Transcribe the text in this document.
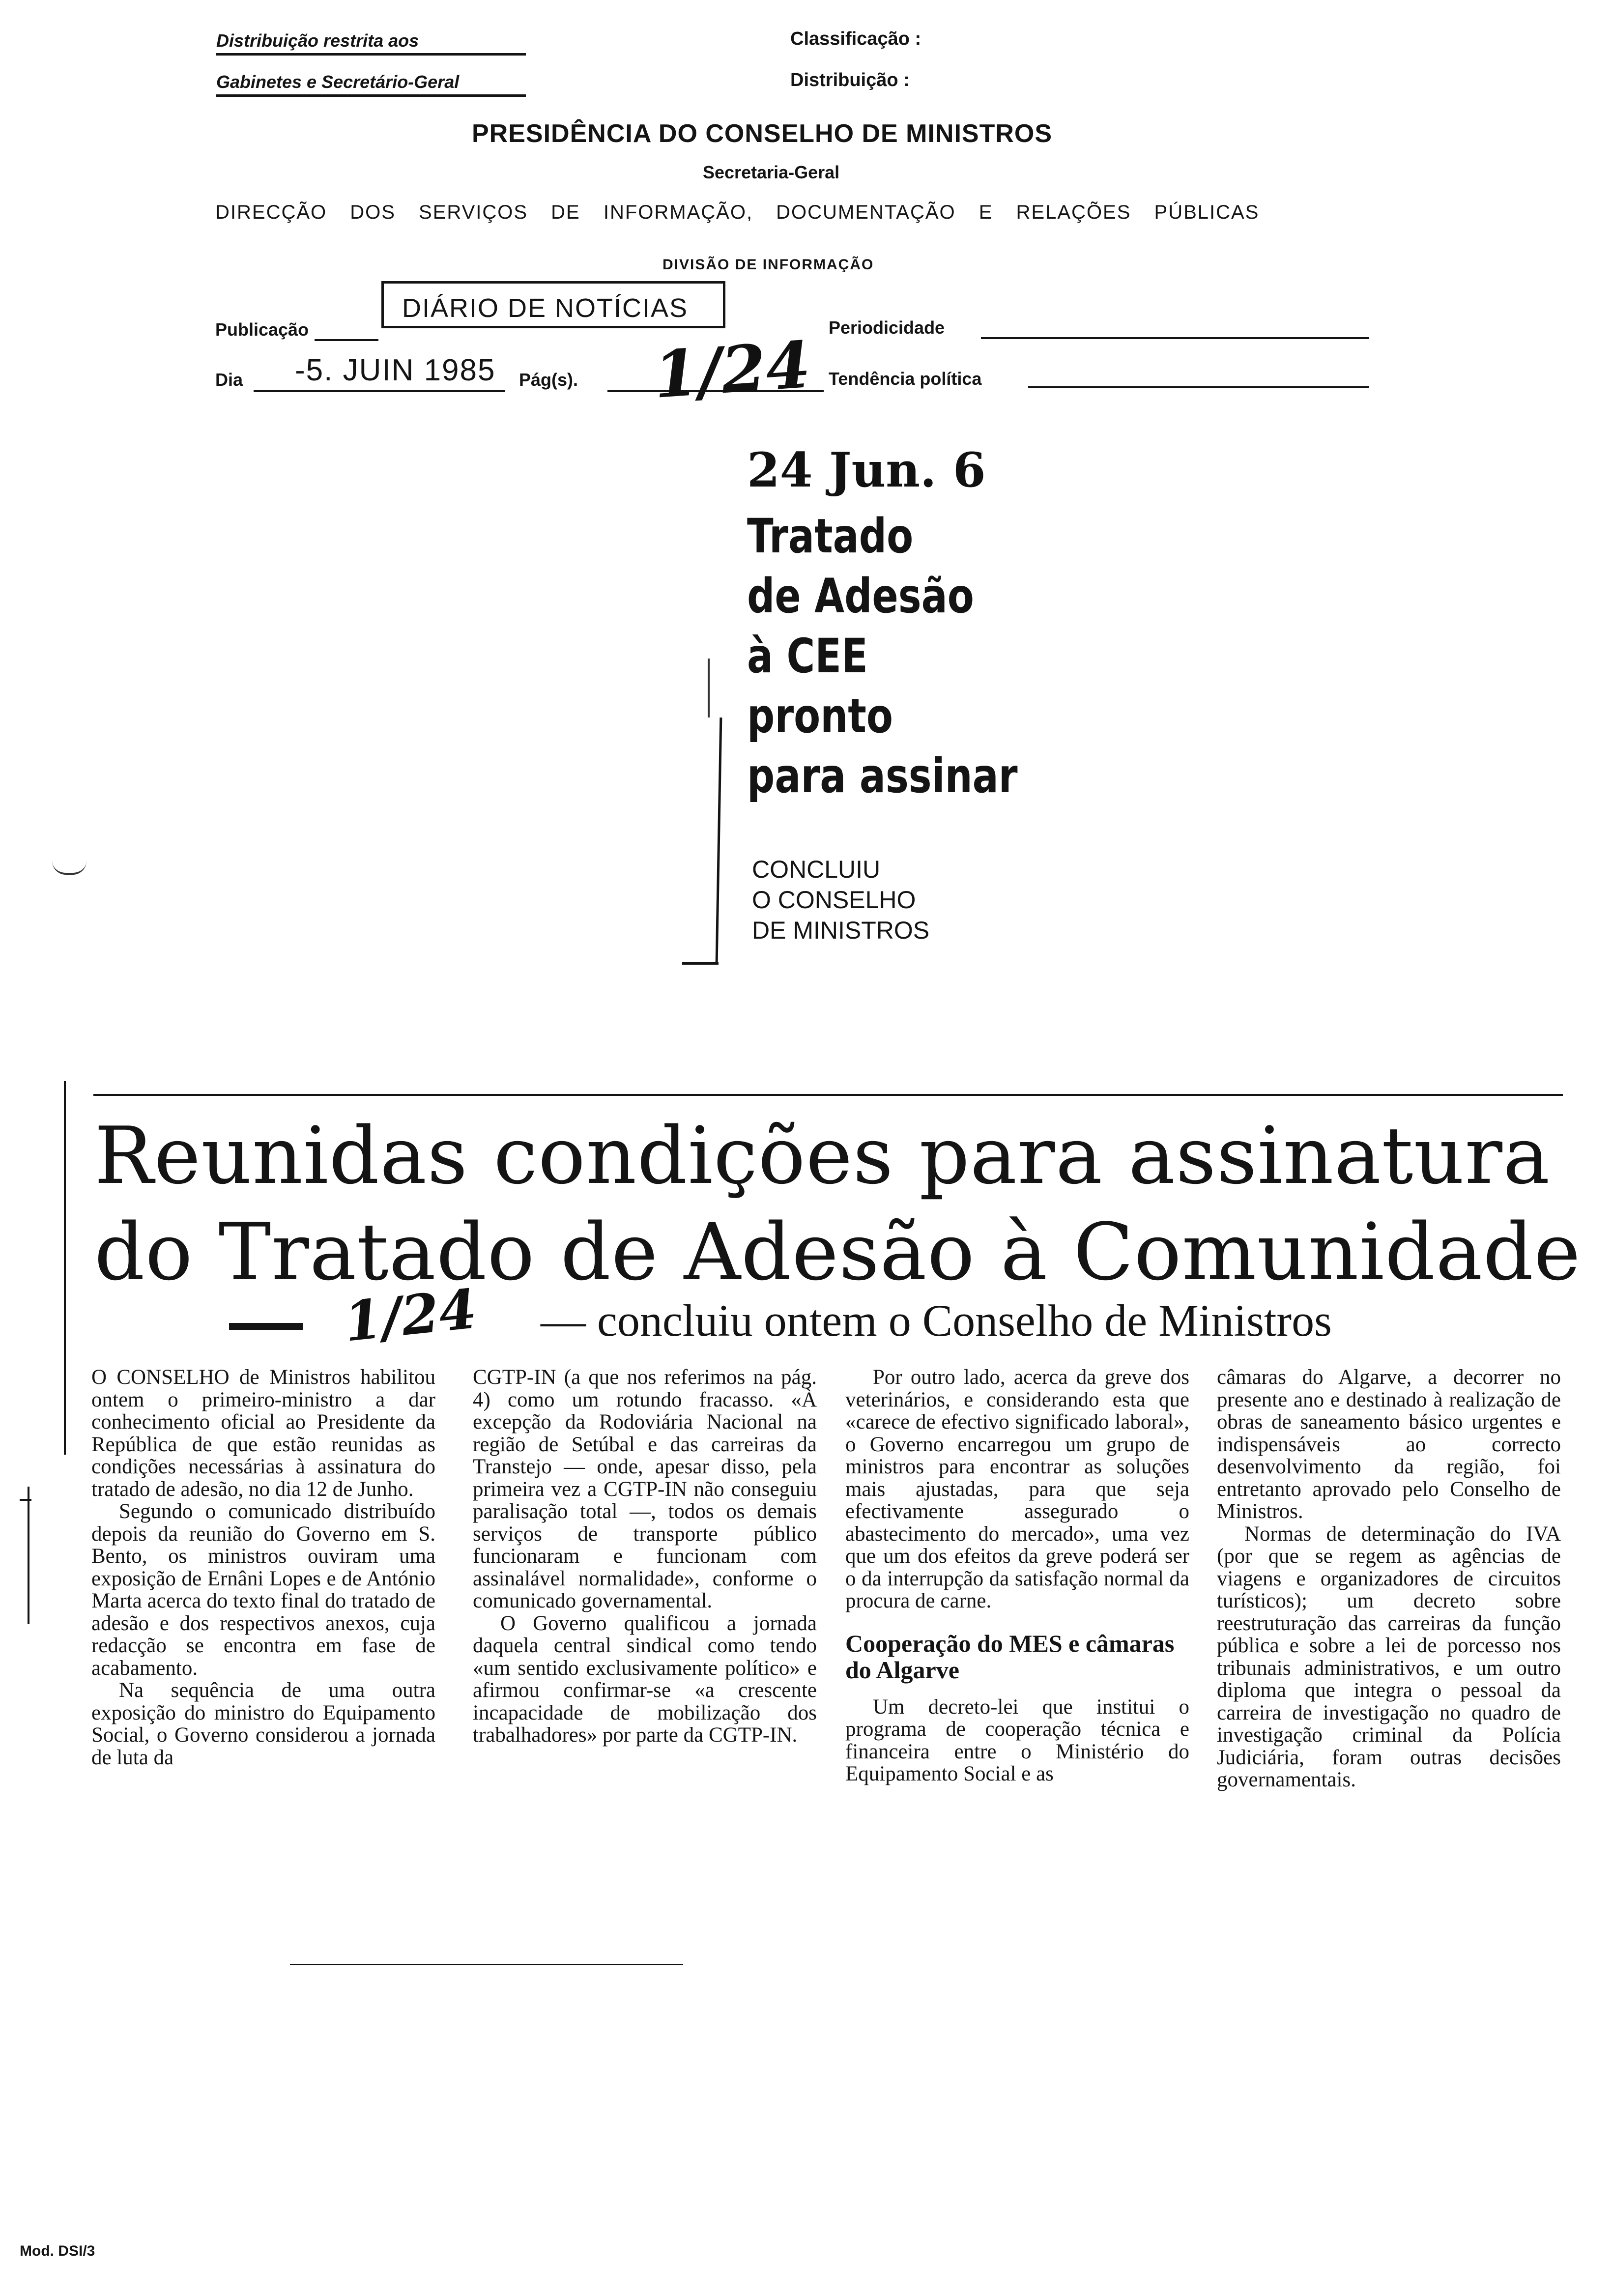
Distribuição restrita aos
Gabinetes e Secretário-Geral
Classificação :
Distribuição :
PRESIDÊNCIA DO CONSELHO DE MINISTROS
Secretaria-Geral
DIRECÇÃO DOS SERVIÇOS DE INFORMAÇÃO, DOCUMENTAÇÃO E RELAÇÕES PÚBLICAS
DIVISÃO DE INFORMAÇÃO
Publicação
DIÁRIO DE NOTÍCIAS
Periodicidade
Dia -5. JUIN 1985 Pág(s). 1/24 Tendência política
24 Jun. 6
Tratado
de Adesão
à CEE
pronto
para assinar
CONCLUIU
O CONSELHO
DE MINISTROS
Reunidas condições para assinatura
do Tratado de Adesão à Comunidade
1/24 — concluiu ontem o Conselho de Ministros

O CONSELHO de Ministros habilitou ontem o primeiro-ministro a dar conhecimento oficial ao Presidente da República de que estão reunidas as condições necessárias à assinatura do tratado de adesão, no dia 12 de Junho.

Segundo o comunicado distribuído depois da reunião do Governo em S. Bento, os ministros ouviram uma exposição de Ernâni Lopes e de António Marta acerca do texto final do tratado de adesão e dos respectivos anexos, cuja redacção se encontra em fase de acabamento.

Na sequência de uma outra exposição do ministro do Equipamento Social, o Governo considerou a jornada de luta da

CGTP-IN (a que nos referimos na pág. 4) como um rotundo fracasso. «À excepção da Rodoviária Nacional na região de Setúbal e das carreiras da Transtejo — onde, apesar disso, pela primeira vez a CGTP-IN não conseguiu paralisação total —, todos os demais serviços de transporte público funcionaram e funcionam com assinalável normalidade», conforme o comunicado governamental.

O Governo qualificou a jornada daquela central sindical como tendo «um sentido exclusivamente político» e afirmou confirmar-se «a crescente incapacidade de mobilização dos trabalhadores» por parte da CGTP-IN.

Por outro lado, acerca da greve dos veterinários, e considerando esta que «carece de efectivo significado laboral», o Governo encarregou um grupo de ministros para encontrar as soluções mais ajustadas, para que seja efectivamente assegurado o abastecimento do mercado», uma vez que um dos efeitos da greve poderá ser o da interrupção da satisfação normal da procura de carne.

Cooperação do MES e câmaras do Algarve

Um decreto-lei que institui o programa de cooperação técnica e financeira entre o Ministério do Equipamento Social e as

câmaras do Algarve, a decorrer no presente ano e destinado à realização de obras de saneamento básico urgentes e indispensáveis ao correcto desenvolvimento da região, foi entretanto aprovado pelo Conselho de Ministros.

Normas de determinação do IVA (por que se regem as agências de viagens e organizadores de circuitos turísticos); um decreto sobre reestruturação das carreiras da função pública e sobre a lei de porcesso nos tribunais administrativos, e um outro diploma que integra o pessoal da carreira de investigação no quadro de investigação criminal da Polícia Judiciária, foram outras decisões governamentais.

Mod. DSI/3
